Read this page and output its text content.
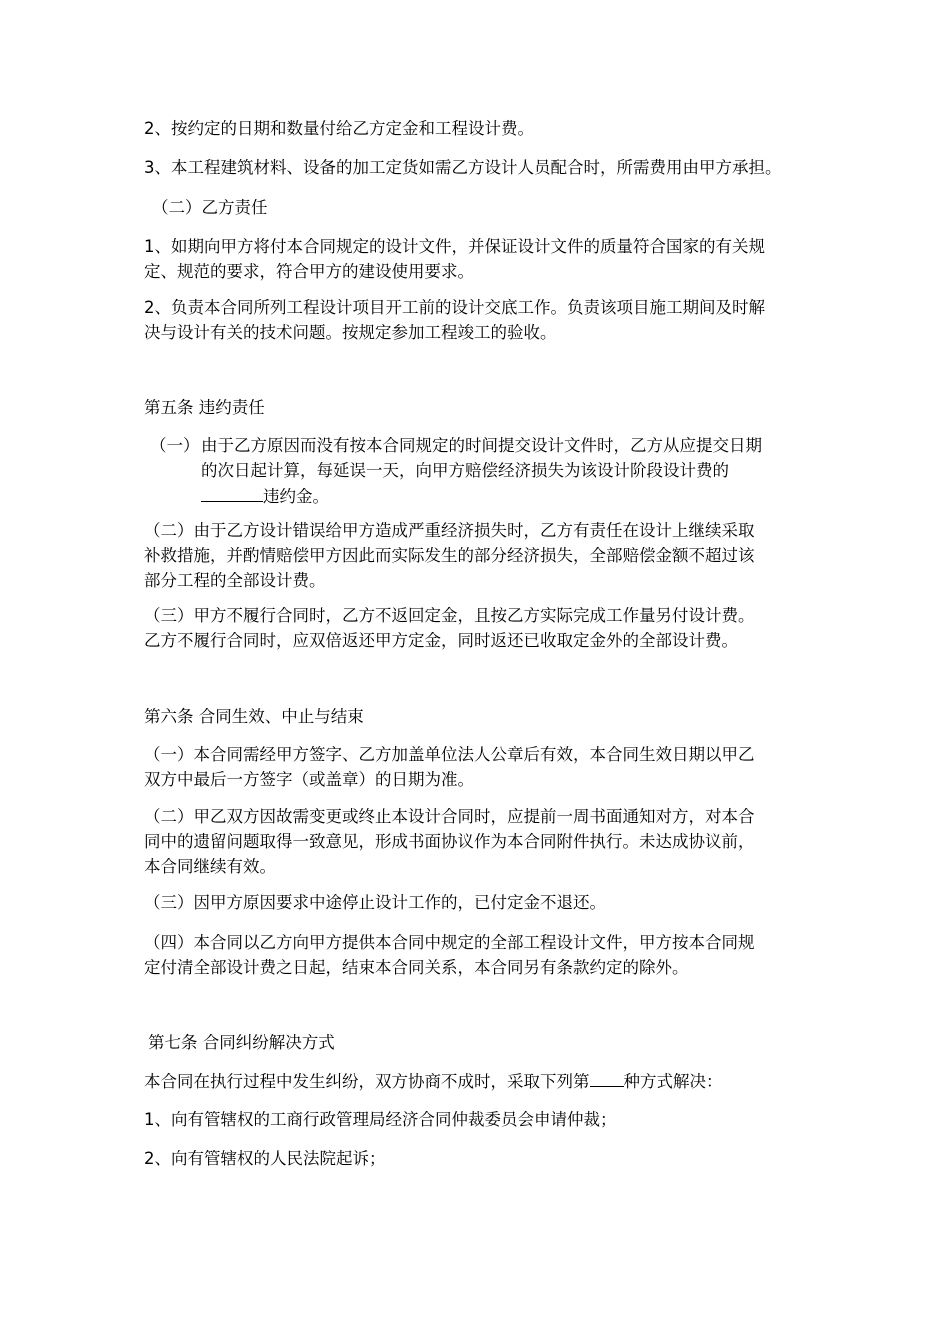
2、按约定的日期和数量付给乙方定金和工程设计费。

3、本工程建筑材料、设备的加工定货如需乙方设计人员配合时，所需费用由甲方承担。

（二）乙方责任

1、如期向甲方将付本合同规定的设计文件，并保证设计文件的质量符合国家的有关规
定、规范的要求，符合甲方的建设使用要求。
2、负责本合同所列工程设计项目开工前的设计交底工作。负责该项目施工期间及时解
决与设计有关的技术问题。按规定参加工程竣工的验收。

第五条 违约责任

（一） 由于乙方原因而没有按本合同规定的时间提交设计文件时，乙方从应提交日期
的次日起计算，每延误一天，向甲方赔偿经济损失为该设计阶段设计费的
违约金。
（二）由于乙方设计错误给甲方造成严重经济损失时，乙方有责任在设计上继续采取
补救措施，并酌情赔偿甲方因此而实际发生的部分经济损失，全部赔偿金额不超过该
部分工程的全部设计费。
（三）甲方不履行合同时，乙方不返回定金，且按乙方实际完成工作量另付设计费。
乙方不履行合同时，应双倍返还甲方定金，同时返还已收取定金外的全部设计费。

第六条 合同生效、中止与结束

（一）本合同需经甲方签字、乙方加盖单位法人公章后有效，本合同生效日期以甲乙
双方中最后一方签字（或盖章）的日期为准。
（二）甲乙双方因故需变更或终止本设计合同时，应提前一周书面通知对方，对本合
同中的遗留问题取得一致意见，形成书面协议作为本合同附件执行。未达成协议前，
本合同继续有效。

（三）因甲方原因要求中途停止设计工作的，已付定金不退还。

（四）本合同以乙方向甲方提供本合同中规定的全部工程设计文件，甲方按本合同规
定付清全部设计费之日起，结束本合同关系，本合同另有条款约定的除外。

第七条 合同纠纷解决方式

本合同在执行过程中发生纠纷，双方协商不成时，采取下列第 种方式解决：

1、向有管辖权的工商行政管理局经济合同仲裁委员会申请仲裁；

2、向有管辖权的人民法院起诉；
